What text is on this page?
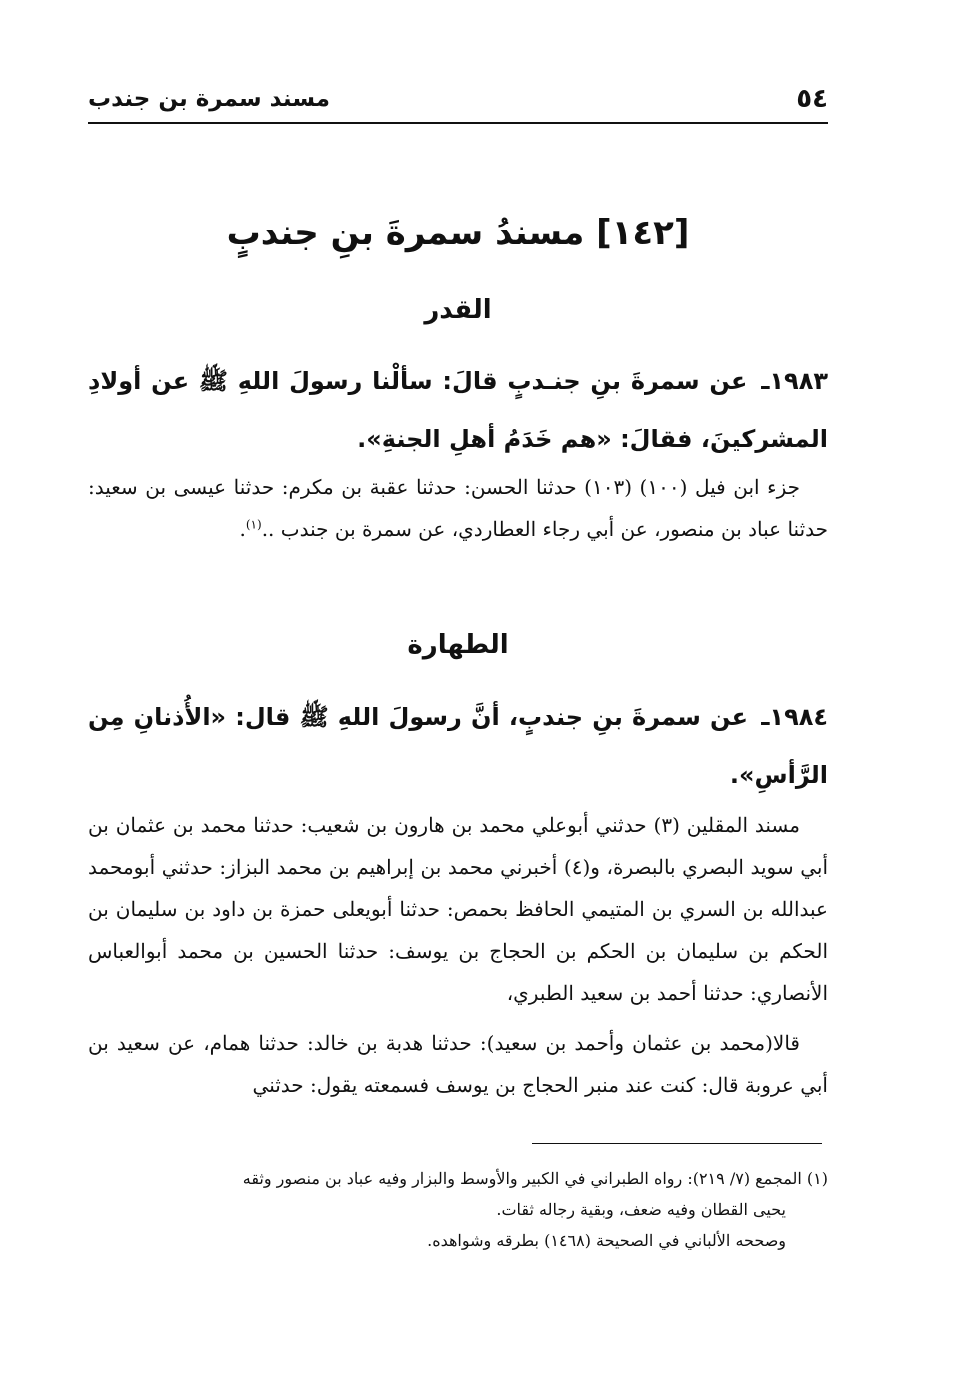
٥٤
مسند سمرة بن جندب
[١٤٢] مسندُ سمرةَ بنِ جندبٍ
القدر
١٩٨٣ـ عن سمرةَ بنِ جنـدبٍ قالَ: سألْنا رسولَ اللهِ ﷺ عن أولادِ المشركينَ، فقالَ: «هم خَدَمُ أهلِ الجنةِ».

جزء ابن فيل (١٠٠) (١٠٣) حدثنا الحسن: حدثنا عقبة بن مكرم: حدثنا عيسى بن سعيد: حدثنا عباد بن منصور، عن أبي رجاء العطاردي، عن سمرة بن جندب ..$^{(١)}$.

الطهارة
١٩٨٤ـ عن سمرةَ بنِ جندبٍ، أنَّ رسولَ اللهِ ﷺ قال: «الأُذنانِ مِن الرَّأسِ».

مسند المقلين (٣) حدثني أبوعلي محمد بن هارون بن شعيب: حدثنا محمد بن عثمان بن أبي سويد البصري بالبصرة، و(٤) أخبرني محمد بن إبراهيم بن محمد البزاز: حدثني أبومحمد عبدالله بن السري بن المتيمي الحافظ بحمص: حدثنا أبويعلى حمزة بن داود بن سليمان بن الحكم بن سليمان بن الحكم بن الحجاج بن يوسف: حدثنا الحسين بن محمد أبوالعباس الأنصاري: حدثنا أحمد بن سعيد الطبري،

قالا(محمد بن عثمان وأحمد بن سعيد): حدثنا هدبة بن خالد: حدثنا همام، عن سعيد بن أبي عروبة قال: كنت عند منبر الحجاج بن يوسف فسمعته يقول: حدثني

(١) المجمع (٧/ ٢١٩): رواه الطبراني في الكبير والأوسط والبزار وفيه عباد بن منصور وثقه

يحيى القطان وفيه ضعف، وبقية رجاله ثقات.

وصححه الألباني في الصحيحة (١٤٦٨) بطرقه وشواهده.
